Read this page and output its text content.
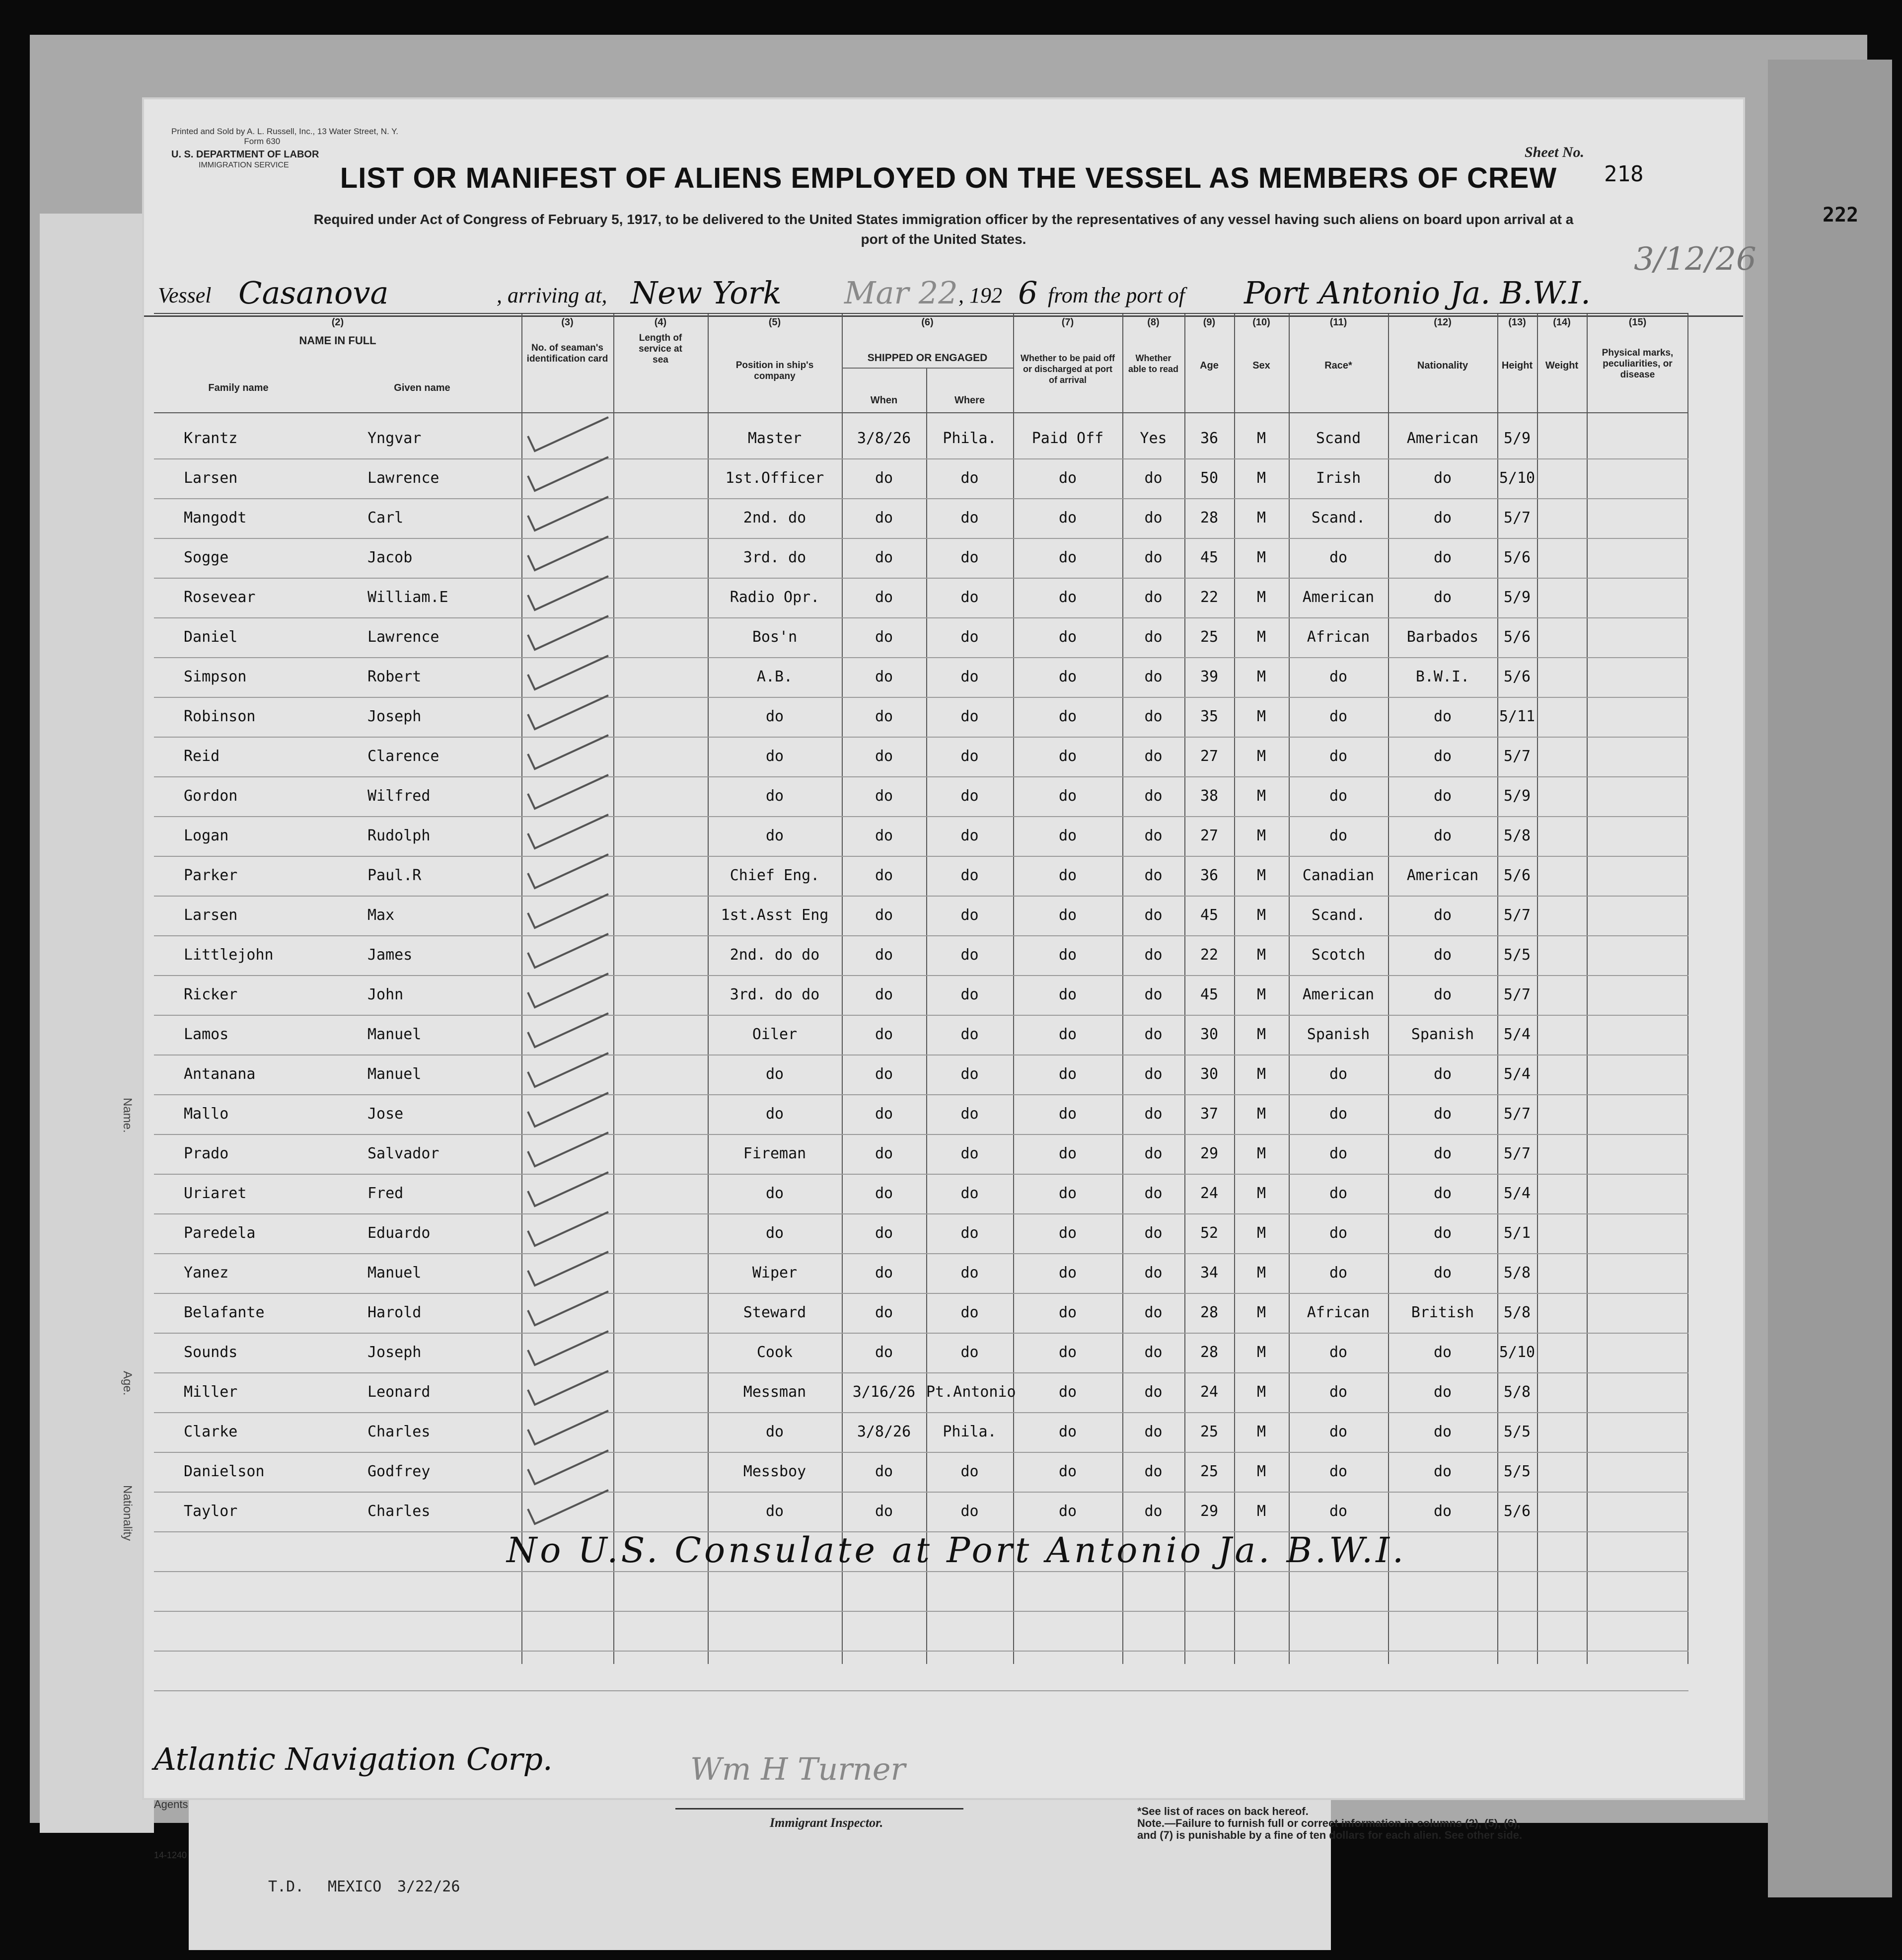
Name.
Age.
Nationality
T.D. MEXICO 3/22/26
Printed and Sold by A. L. Russell, Inc., 13 Water Street, N. Y.
Form 630
U. S. DEPARTMENT OF LABOR
IMMIGRATION SERVICE
Sheet No.
218
LIST OR MANIFEST OF ALIENS EMPLOYED ON THE VESSEL AS MEMBERS OF CREW
Required under Act of Congress of February 5, 1917, to be delivered to the United States immigration officer by the representatives of any vessel having such aliens on board upon arrival at a
port of the United States.
3/12/26
Vessel Casanova	, arriving at, New York Mar 22 , 192 6 from the port of Port Antonio Ja. B.W.I.
(2)
NAME IN FULL
Family name	Given name
(3)
No. of seaman's identification card
(4)
Length of service at sea
(5)
Position in ship's company
(6)
SHIPPED OR ENGAGED
When	Where
(7)
Whether to be paid off or discharged at port of arrival
(8)
Whether able to read
(9)
Age
(10)
Sex
(11)
Race*
(12)
Nationality
(13)
Height
(14)
Weight
(15)
Physical marks, peculiarities, or disease
Krantz	Yngvar	Master	3/8/26	Phila.	Paid Off	Yes	36	M	Scand	American	5/9
Larsen	Lawrence	1st.Officer	do	do	do	do	50	M	Irish	do	5/10
Mangodt	Carl	2nd. do	do	do	do	do	28	M	Scand.	do	5/7
Sogge	Jacob	3rd. do	do	do	do	do	45	M	do	do	5/6
Rosevear	William.E	Radio Opr.	do	do	do	do	22	M	American	do	5/9
Daniel	Lawrence	Bos'n	do	do	do	do	25	M	African	Barbados	5/6
Simpson	Robert	A.B.	do	do	do	do	39	M	do	B.W.I.	5/6
Robinson	Joseph	do	do	do	do	do	35	M	do	do	5/11
Reid	Clarence	do	do	do	do	do	27	M	do	do	5/7
Gordon	Wilfred	do	do	do	do	do	38	M	do	do	5/9
Logan	Rudolph	do	do	do	do	do	27	M	do	do	5/8
Parker	Paul.R	Chief Eng.	do	do	do	do	36	M	Canadian	American	5/6
Larsen	Max	1st.Asst Eng	do	do	do	do	45	M	Scand.	do	5/7
Littlejohn	James	2nd. do do	do	do	do	do	22	M	Scotch	do	5/5
Ricker	John	3rd. do do	do	do	do	do	45	M	American	do	5/7
Lamos	Manuel	Oiler	do	do	do	do	30	M	Spanish	Spanish	5/4
Antanana	Manuel	do	do	do	do	do	30	M	do	do	5/4
Mallo	Jose	do	do	do	do	do	37	M	do	do	5/7
Prado	Salvador	Fireman	do	do	do	do	29	M	do	do	5/7
Uriaret	Fred	do	do	do	do	do	24	M	do	do	5/4
Paredela	Eduardo	do	do	do	do	do	52	M	do	do	5/1
Yanez	Manuel	Wiper	do	do	do	do	34	M	do	do	5/8
Belafante	Harold	Steward	do	do	do	do	28	M	African	British	5/8
Sounds	Joseph	Cook	do	do	do	do	28	M	do	do	5/10
Miller	Leonard	Messman	3/16/26 Pt.Antonio	do	do	24	M	do	do	5/8
Clarke	Charles	do	3/8/26	Phila.	do	do	25	M	do	do	5/5
Danielson	Godfrey	Messboy	do	do	do	do	25	M	do	do	5/5
Taylor	Charles	do	do	do	do	do	29	M	do	do	5/6
No U.S. Consulate at Port Antonio Ja. B.W.I.
Atlantic Navigation Corp.
Agents
14-1240
Wm H Turner
Immigrant Inspector.
*See list of races on back hereof.
Note.—Failure to furnish full or correct information in columns (2), (5), (6),
and (7) is punishable by a fine of ten dollars for each alien. See other side.
222
